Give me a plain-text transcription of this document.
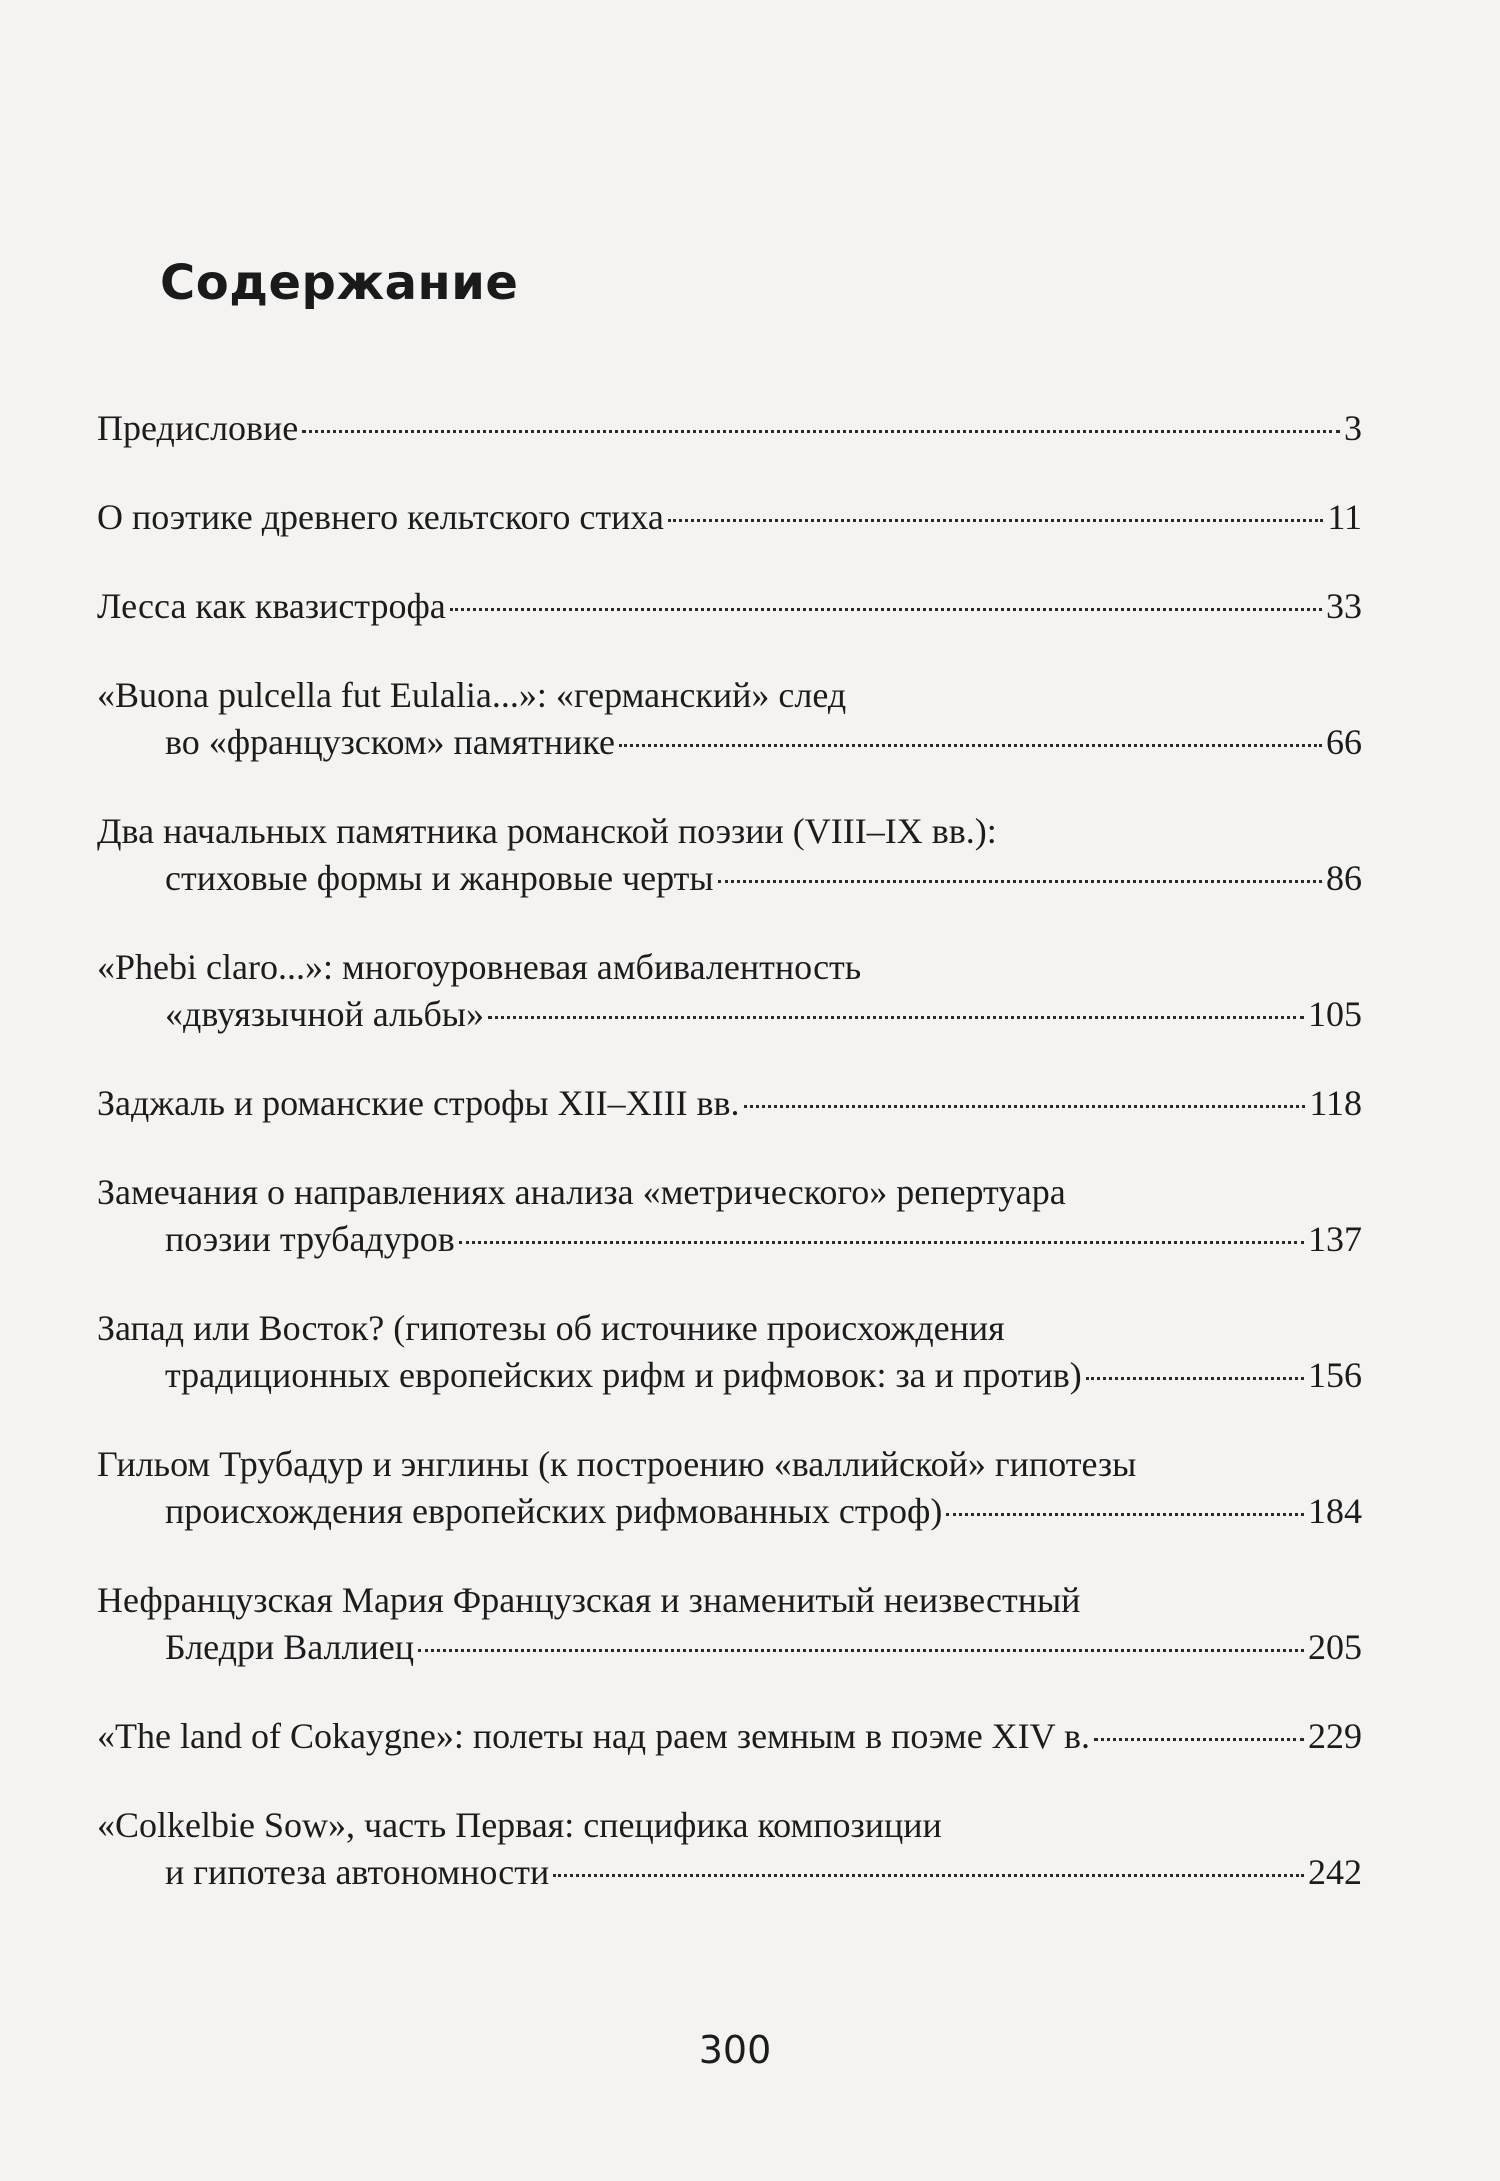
Содержание
Предисловие	3
О поэтике древнего кельтского стиха	11
Лесса как квазистрофа	33
«Buona pulcella fut Eulalia...»: «германский» след
во «французском» памятнике	66
Два начальных памятника романской поэзии (VIII–IX вв.):
стиховые формы и жанровые черты	86
«Phebi claro...»: многоуровневая амбивалентность
«двуязычной альбы»	105
Заджаль и романские строфы XII–XIII вв.	118
Замечания о направлениях анализа «метрического» репертуара
поэзии трубадуров	137
Запад или Восток? (гипотезы об источнике происхождения
традиционных европейских рифм и рифмовок: за и против)	156
Гильом Трубадур и энглины (к построению «валлийской» гипотезы
происхождения европейских рифмованных строф)	184
Нефранцузская Мария Французская и знаменитый неизвестный
Бледри Валлиец	205
«The land of Cokaygne»: полеты над раем земным в поэме XIV в.	229
«Colkelbie Sow», часть Первая: специфика композиции
и гипотеза автономности	242
300
